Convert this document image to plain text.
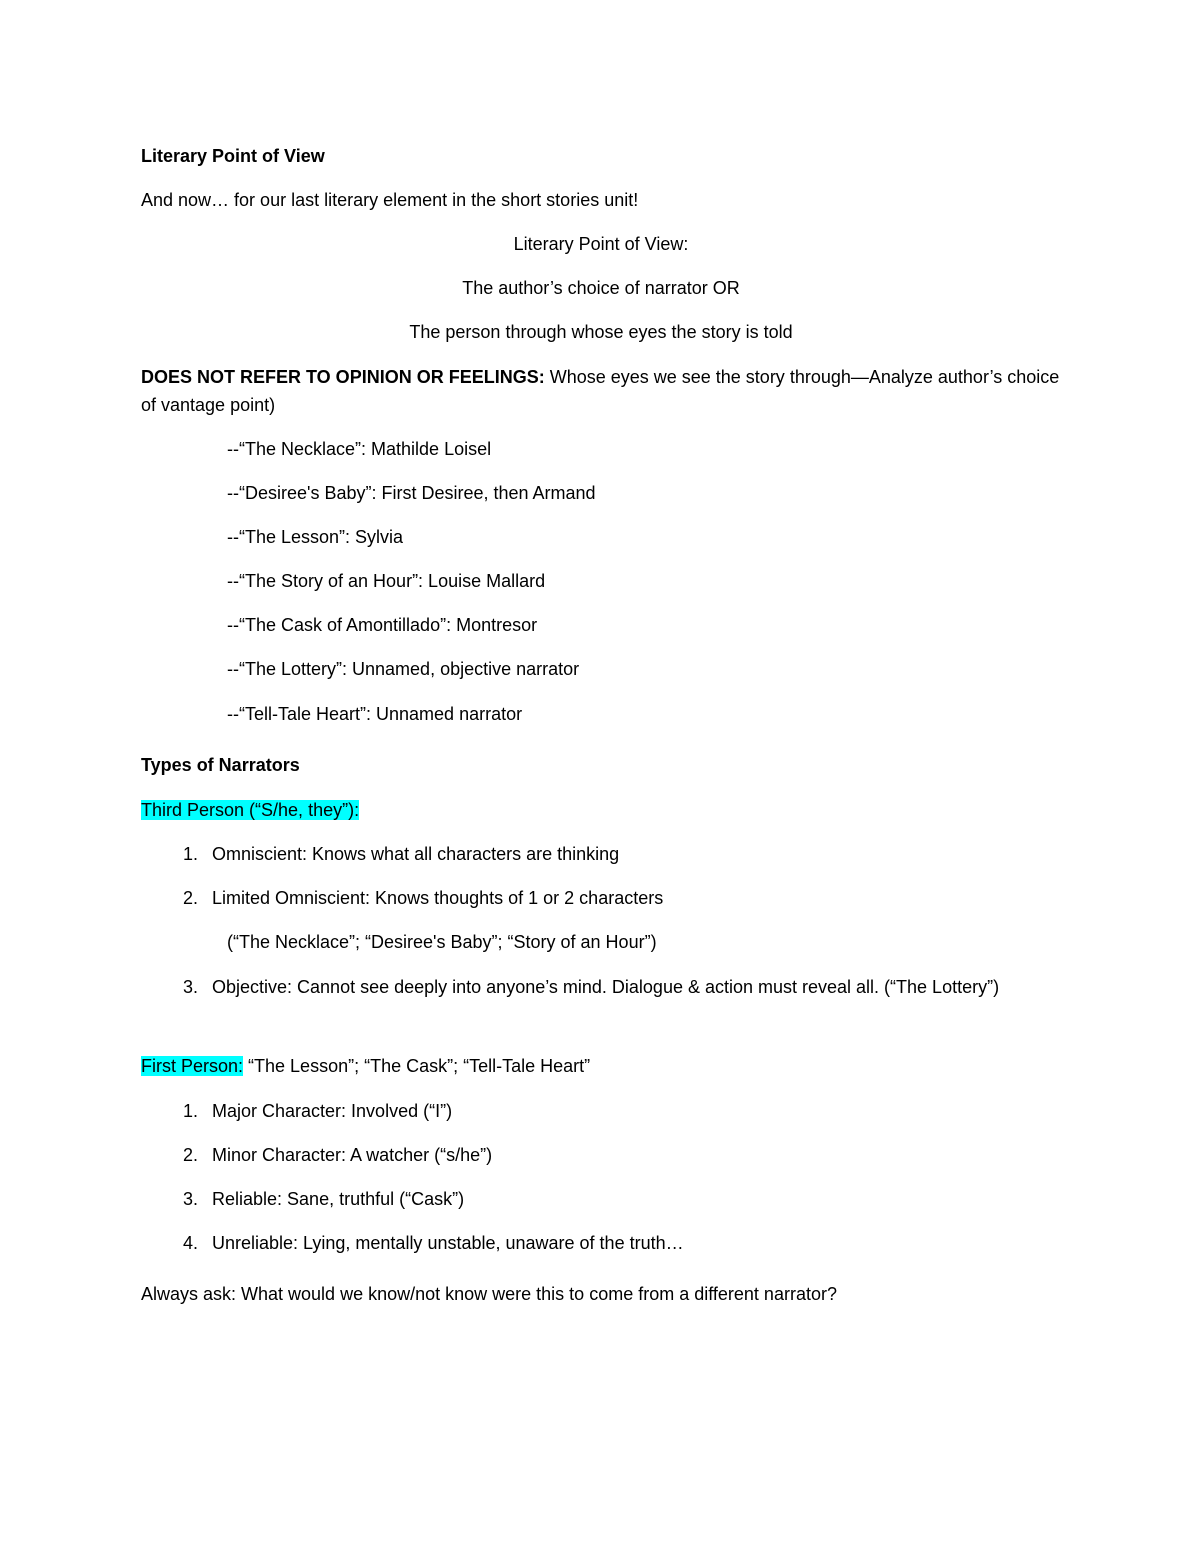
Literary Point of View
And now… for our last literary element in the short stories unit!
Literary Point of View:
The author’s choice of narrator OR
The person through whose eyes the story is told
DOES NOT REFER TO OPINION OR FEELINGS: Whose eyes we see the story through—Analyze author’s choice of vantage point)
--“The Necklace”: Mathilde Loisel
--“Desiree's Baby”: First Desiree, then Armand
--“The Lesson”: Sylvia
--“The Story of an Hour”: Louise Mallard
--“The Cask of Amontillado”: Montresor
--“The Lottery”: Unnamed, objective narrator
--“Tell-Tale Heart”: Unnamed narrator
Types of Narrators
Third Person (“S/he, they”):
1. Omniscient: Knows what all characters are thinking
2. Limited Omniscient: Knows thoughts of 1 or 2 characters
(“The Necklace”; “Desiree's Baby”; “Story of an Hour”)
3. Objective: Cannot see deeply into anyone’s mind. Dialogue & action must reveal all. (“The Lottery”)
First Person: “The Lesson”; “The Cask”; “Tell-Tale Heart”
1. Major Character: Involved (“I”)
2. Minor Character: A watcher (“s/he”)
3. Reliable: Sane, truthful (“Cask”)
4. Unreliable: Lying, mentally unstable, unaware of the truth…
Always ask: What would we know/not know were this to come from a different narrator?
